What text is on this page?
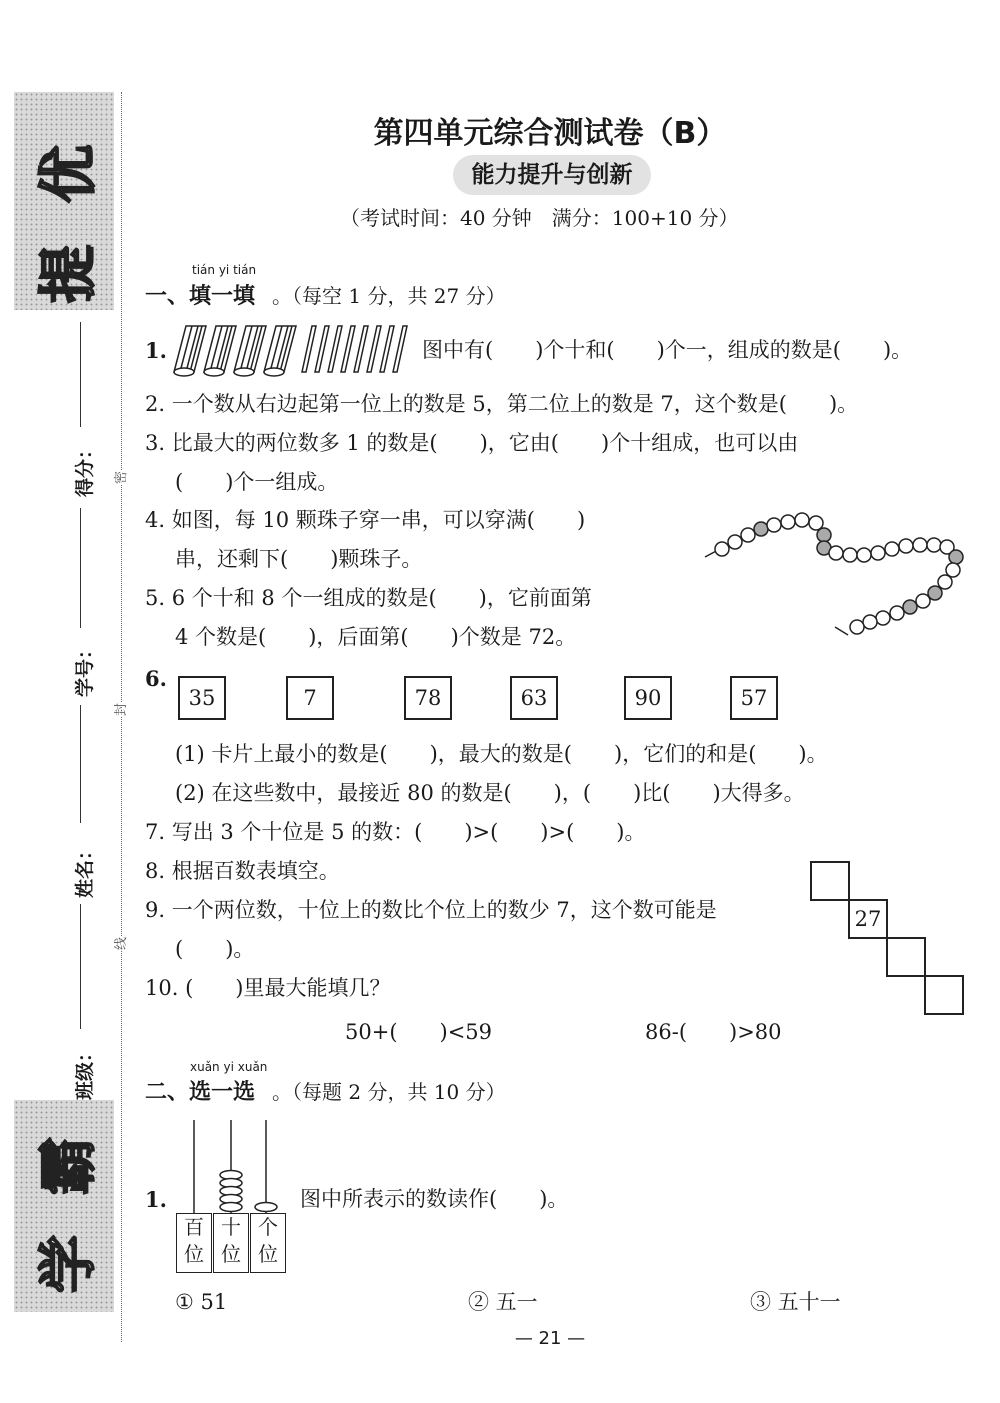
提
优
学
霸
得分：
学号：
姓名：
班级：
密
封
线
第四单元综合测试卷（B）
能力提升与创新
（考试时间：40 分钟　满分：100+10 分）
tián yi tián
一、填一填 。（每空 1 分，共 27 分）
1.	图中有(　　)个十和(　　)个一，组成的数是(　　)。
2. 一个数从右边起第一位上的数是 5，第二位上的数是 7，这个数是(　　)。
3. 比最大的两位数多 1 的数是(　　)，它由(　　)个十组成，也可以由
(　　)个一组成。
4. 如图，每 10 颗珠子穿一串，可以穿满(　　)
串，还剩下(　　)颗珠子。
5. 6 个十和 8 个一组成的数是(　　)，它前面第
4 个数是(　　)，后面第(　　)个数是 72。
6.
35	7	78	63	90	57
(1) 卡片上最小的数是(　　)，最大的数是(　　)，它们的和是(　　)。
(2) 在这些数中，最接近 80 的数是(　　)，(　　)比(　　)大得多。
7. 写出 3 个十位是 5 的数：(　　)>(　　)>(　　)。
8. 根据百数表填空。
27
9. 一个两位数，十位上的数比个位上的数少 7，这个数可能是
(　　)。
10. (　　)里最大能填几？
50+(　　)<59	86-(　　)>80
xuǎn yi xuǎn
二、选一选 。（每题 2 分，共 10 分）
1.
百
位
十
位
个
位
图中所表示的数读作(　　)。
① 51	② 五一	③ 五十一
— 21 —
